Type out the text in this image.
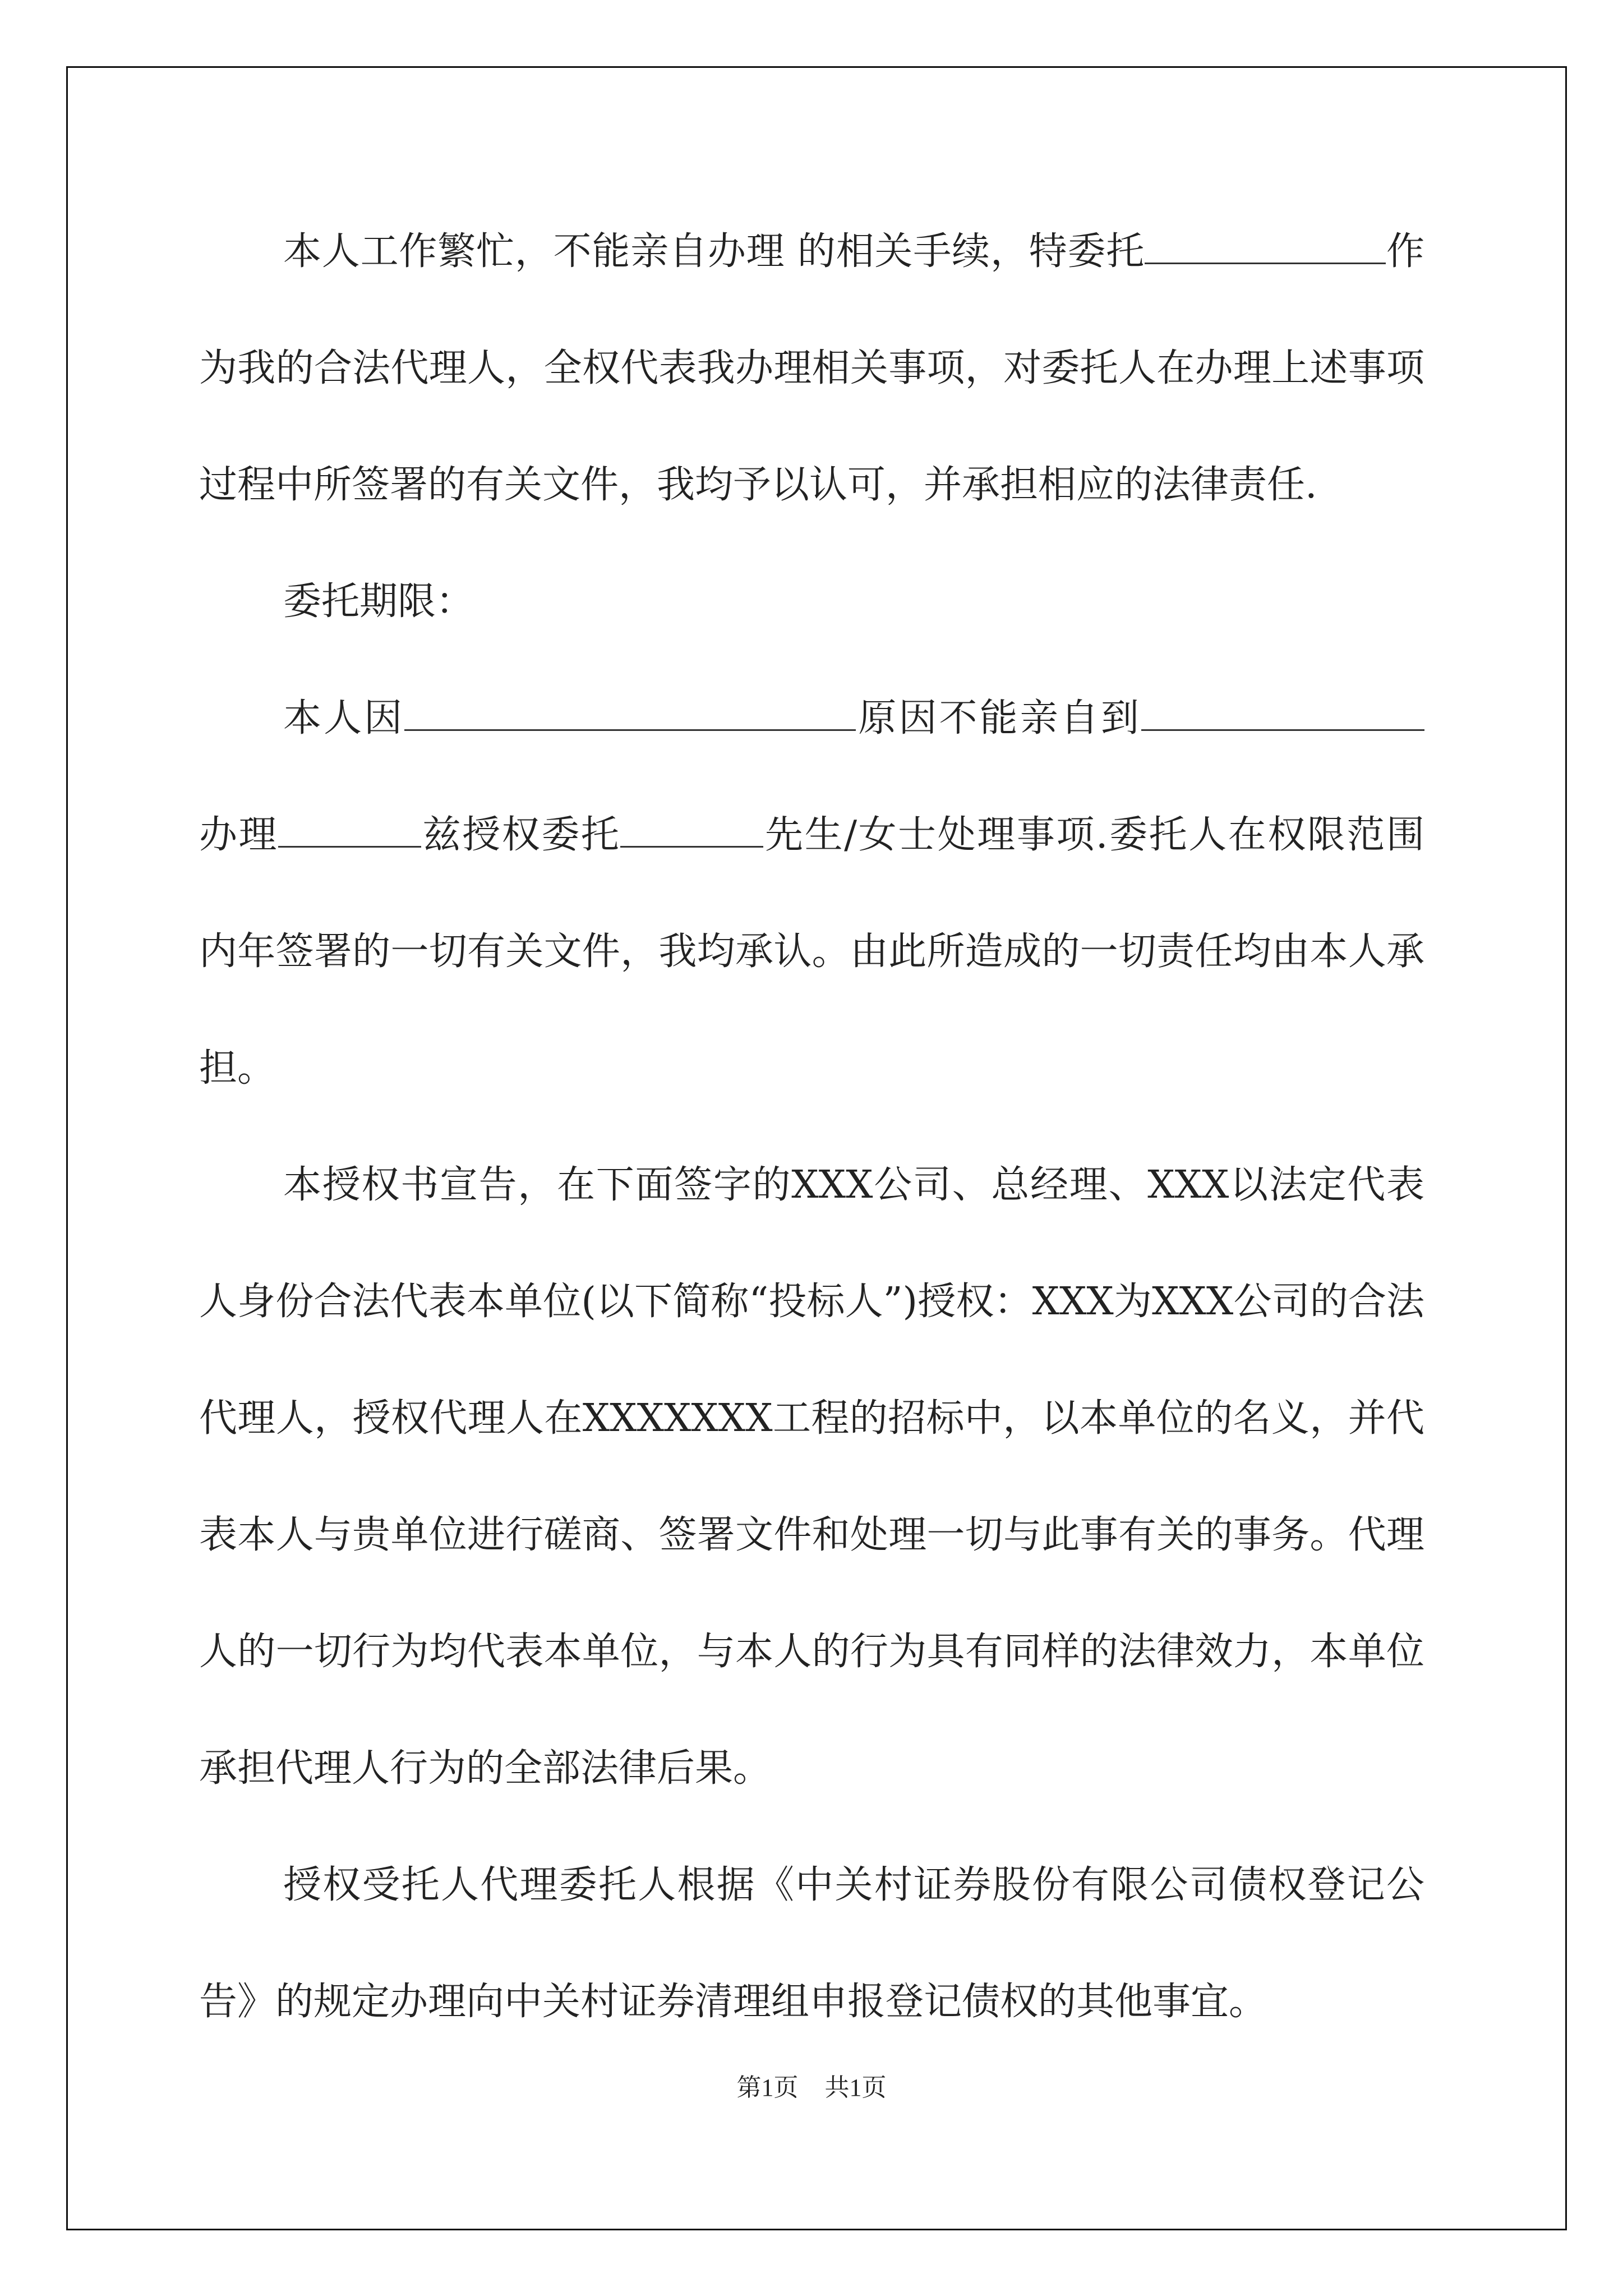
本人工作繁忙，不能亲自办理 的相关手续，特委托	作为我的合法代理人，全权代表我办理相关事项，对委托人在办理上述事项过程中所签署的有关文件，我均予以认可，并承担相应的法律责任.

委托期限：

本人因	原因不能亲自到办理	兹授权委托	先生/女士处理事项.委托人在权限范围内年签署的一切有关文件，我均承认。由此所造成的一切责任均由本人承担。

本授权书宣告，在下面签字的XXX公司、总经理、XXX以法定代表人身份合法代表本单位(以下简称“投标人”)授权：XXX为XXX公司的合法代理人，授权代理人在XXXXXXX工程的招标中，以本单位的名义，并代表本人与贵单位进行磋商、签署文件和处理一切与此事有关的事务。代理人的一切行为均代表本单位，与本人的行为具有同样的法律效力，本单位承担代理人行为的全部法律后果。

授权受托人代理委托人根据《中关村证券股份有限公司债权登记公告》的规定办理向中关村证券清理组申报登记债权的其他事宜。

第1页 共1页
